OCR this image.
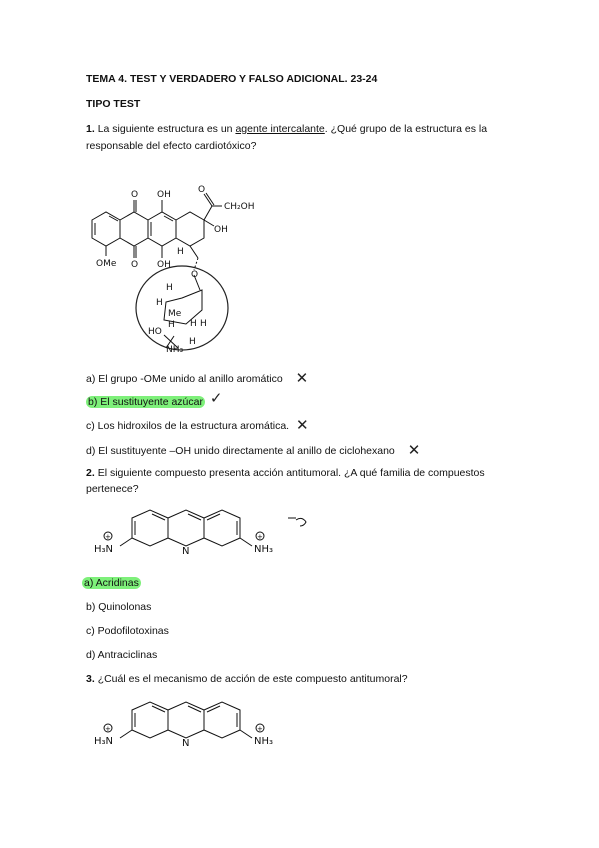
TEMA 4. TEST Y VERDADERO Y FALSO ADICIONAL. 23-24
TIPO TEST
1. La siguiente estructura es un agente intercalante. ¿Qué grupo de la estructura es la responsable del efecto cardiotóxico?
O OH	O
CH₂OH
OH
OMe O OH
H
O
H
H
Me
H H H
HO
H
NH₃
a) El grupo -OMe unido al anillo aromático ✕
b) El sustituyente azúcar ✓
c) Los hidroxilos de la estructura aromática. ✕
d) El sustituyente –OH unido directamente al anillo de ciclohexano ✕
2. El siguiente compuesto presenta acción antitumoral. ¿A qué familia de compuestos pertenece?
H₃N	N	NH₃
+	+
a) Acridinas
b) Quinolonas
c) Podofilotoxinas
d) Antraciclinas
3. ¿Cuál es el mecanismo de acción de este compuesto antitumoral?
H₃N	N	NH₃
+	+
